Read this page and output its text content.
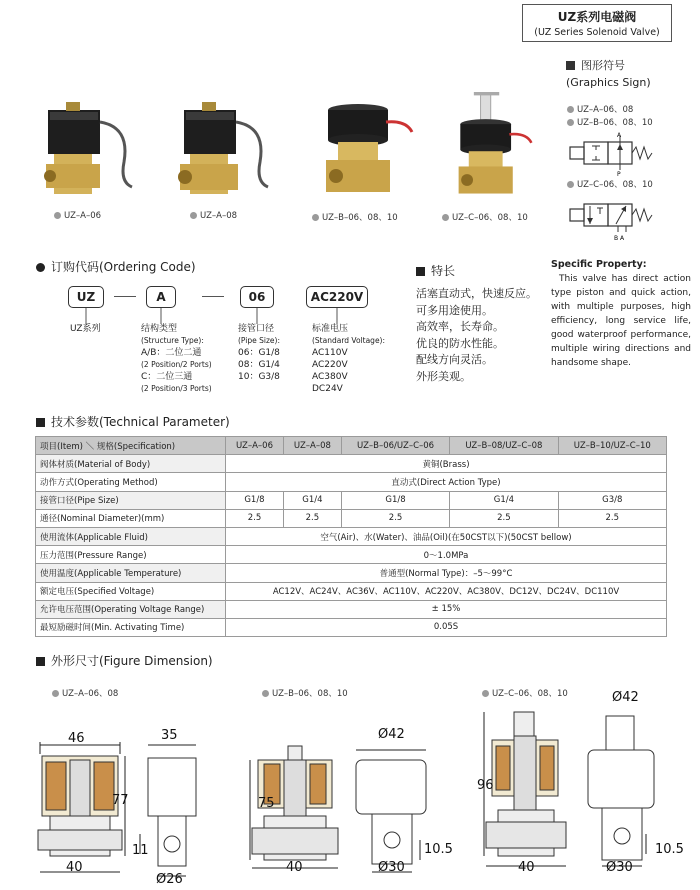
UZ系列电磁阀
(UZ Series Solenoid Valve)
图形符号
(Graphics Sign)
UZ–A–06、08
UZ–B–06、08、10
A
P
UZ–C–06、08、10
B A
UZ–A–06	UZ–A–08	UZ–B–06、08、10	UZ–C–06、08、10
订购代码(Ordering Code)
UZ	A	06	AC220V
UZ系列	结构类型
(Structure Type):
A/B：二位二通
(2 Position/2 Ports)
C：二位三通
(2 Position/3 Ports)
接管口径
(Pipe Size):
06：G1/8
08：G1/4
10：G3/8
标准电压
(Standard Voltage):
AC110V
AC220V
AC380V
DC24V
特长
活塞直动式，快速反应。
可多用途使用。
高效率，长寿命。
优良的防水性能。
配线方向灵活。
外形美观。
Specific Property:
This valve has direct action type piston and quick action, with multiple purposes, high efficiency, long service life, good waterproof performance, multiple wiring directions and handsome shape.
技术参数(Technical Parameter)
项目(Item) ＼ 规格(Specification)	UZ–A–06	UZ–A–08	UZ–B–06/UZ–C–06	UZ–B–08/UZ–C–08	UZ–B–10/UZ–C–10
阀体材质(Material of Body)	黄铜(Brass)				
动作方式(Operating Method)	直动式(Direct Action Type)				
接管口径(Pipe Size)	G1/8	G1/4	G1/8	G1/4	G3/8
通径(Nominal Diameter)(mm)	2.5	2.5	2.5	2.5	2.5
使用流体(Applicable Fluid)	空气(Air)、水(Water)、油品(Oil)(在50CST以下)(50CST bellow)				
压力范围(Pressure Range)	0～1.0MPa				
使用温度(Applicable Temperature)	普通型(Normal Type)：–5～99°C				
额定电压(Specified Voltage)	AC12V、AC24V、AC36V、AC110V、AC220V、AC380V、DC12V、DC24V、DC110V				
允许电压范围(Operating Voltage Range)	± 15%				
最短励磁时间(Min. Activating Time)	0.05S				
外形尺寸(Figure Dimension)
UZ–A–06、08	UZ–B–06、08、10	UZ–C–06、08、10
46
77
40
35
11
Ø26
75
40
Ø42
10.5
Ø30
96
40
Ø42
10.5
Ø30
